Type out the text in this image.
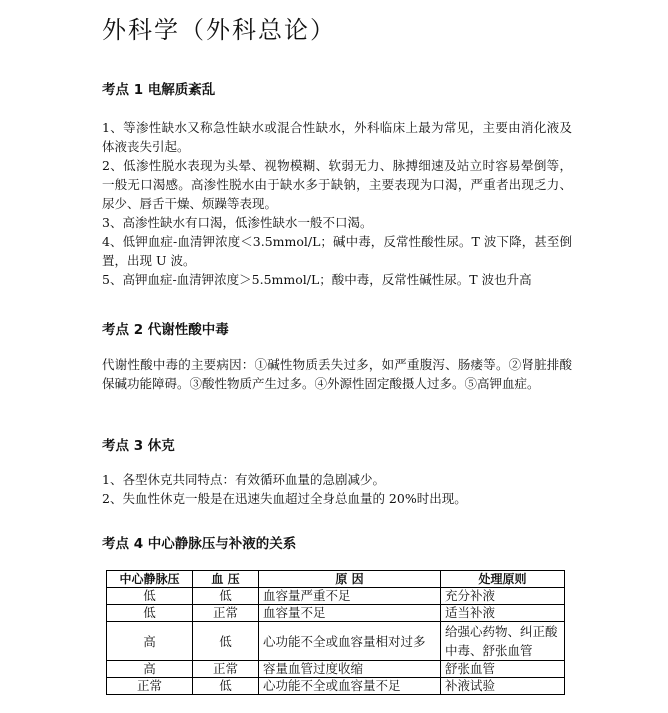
外科学（外科总论）
考点 1 电解质紊乱

1、等渗性缺水又称急性缺水或混合性缺水，外科临床上最为常见，主要由消化液及体液丧失引起。

2、低渗性脱水表现为头晕、视物模糊、软弱无力、脉搏细速及站立时容易晕倒等，一般无口渴感。高渗性脱水由于缺水多于缺钠，主要表现为口渴，严重者出现乏力、尿少、唇舌干燥、烦躁等表现。

3、高渗性缺水有口渴，低渗性缺水一般不口渴。

4、低钾血症-血清钾浓度＜3.5mmol/L；碱中毒，反常性酸性尿。T 波下降，甚至倒置，出现 U 波。

5、高钾血症-血清钾浓度＞5.5mmol/L；酸中毒，反常性碱性尿。T 波也升高

考点 2 代谢性酸中毒

代谢性酸中毒的主要病因：①碱性物质丢失过多，如严重腹泻、肠瘘等。②肾脏排酸保碱功能障碍。③酸性物质产生过多。④外源性固定酸摄人过多。⑤高钾血症。

考点 3 休克

1、各型休克共同特点：有效循环血量的急剧减少。

2、失血性休克一般是在迅速失血超过全身总血量的 20%时出现。

考点 4 中心静脉压与补液的关系
中心静脉压	血 压	原 因	处理原则
低	低	血容量严重不足	充分补液
低	正常	血容量不足	适当补液
高	低	心功能不全或血容量相对过多	给强心药物、纠正酸中毒、舒张血管
高	正常	容量血管过度收缩	舒张血管
正常	低	心功能不全或血容量不足	补液试验
